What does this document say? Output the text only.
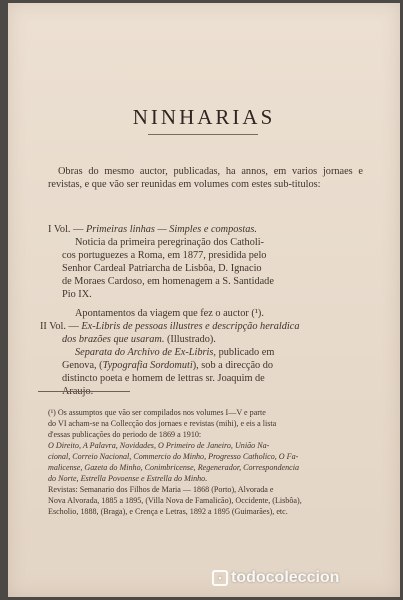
NINHARIAS

Obras do mesmo auctor, publicadas, ha annos, em varios jornaes e revistas, e que vão ser reunidas em volumes com estes sub-titulos:

I Vol. — Primeiras linhas — Simples e compostas.

Noticia da primeira peregrinação dos Catholi-

cos portuguezes a Roma, em 1877, presidida pelo

Senhor Cardeal Patriarcha de Lisbôa, D. Ignacio

de Moraes Cardoso, em homenagem a S. Santidade

Pio IX.

Apontamentos da viagem que fez o auctor (¹).

II Vol. — Ex-Libris de pessoas illustres e descripção heraldica

dos brazões que usaram. (Illustrado).

Separata do Archivo de Ex-Libris, publicado em

Genova, (Typografia Sordomuti), sob a direcção do

distincto poeta e homem de lettras sr. Joaquim de

Araujo.

(¹) Os assumptos que vão ser compilados nos volumes I—V e parte

do VI acham-se na Collecção dos jornaes e revistas (mihi), e eis a lista

d'essas publicações do periodo de 1869 a 1910:

O Direito, A Palavra, Novidades, O Primeiro de Janeiro, União Na-

cional, Correio Nacional, Commercio do Minho, Progresso Catholico, O Fa-

malicense, Gazeta do Minho, Conimbricense, Regenerador, Correspondencia

do Norte, Estrella Povoense e Estrella do Minho.

Revistas: Semanario dos Filhos de Maria — 1868 (Porto), Alvorada e

Nova Alvorada, 1885 a 1895, (Villa Nova de Famalicão), Occidente, (Lisbôa),

Escholio, 1888, (Braga), e Crença e Letras, 1892 a 1895 (Guimarães), etc.

▪ todocoleccion
